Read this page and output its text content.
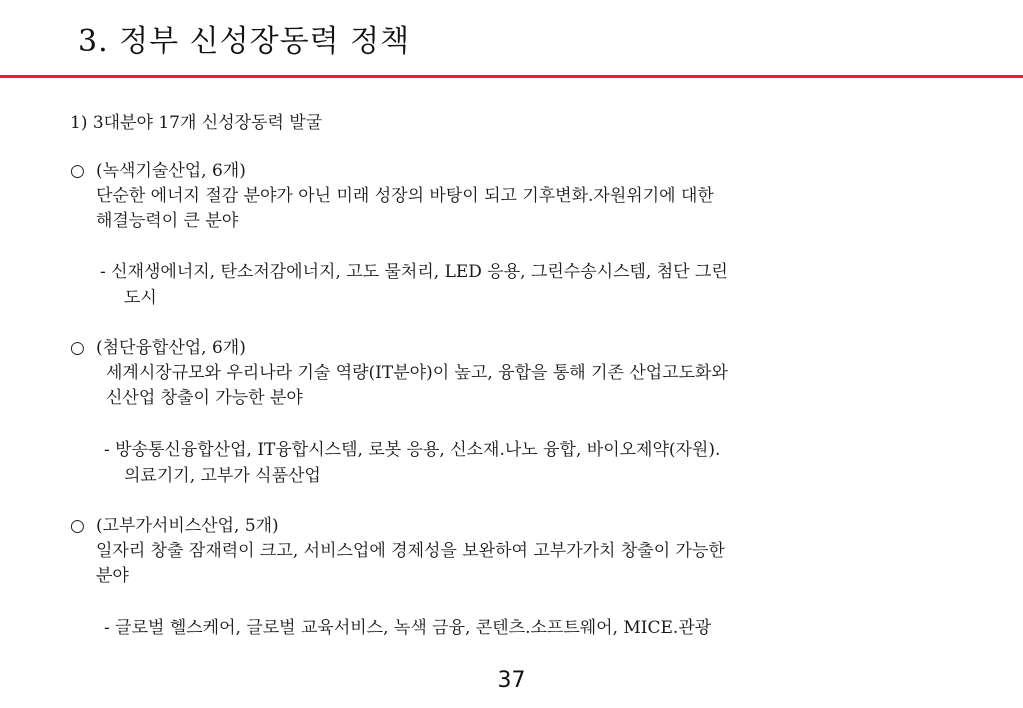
3. 정부 신성장동력 정책
1) 3대분야 17개 신성장동력 발굴
○ (녹색기술산업, 6개)
단순한 에너지 절감 분야가 아닌 미래 성장의 바탕이 되고 기후변화.자원위기에 대한
해결능력이 큰 분야
- 신재생에너지, 탄소저감에너지, 고도 물처리, LED 응용, 그린수송시스템, 첨단 그린
도시
○ (첨단융합산업, 6개)
세계시장규모와 우리나라 기술 역량(IT분야)이 높고, 융합을 통해 기존 산업고도화와
신산업 창출이 가능한 분야
- 방송통신융합산업, IT융합시스템, 로봇 응용, 신소재.나노 융합, 바이오제약(자원).
의료기기, 고부가 식품산업
○ (고부가서비스산업, 5개)
일자리 창출 잠재력이 크고, 서비스업에 경제성을 보완하여 고부가가치 창출이 가능한
분야
- 글로벌 헬스케어, 글로벌 교육서비스, 녹색 금융, 콘텐츠.소프트웨어, MICE.관광
37
